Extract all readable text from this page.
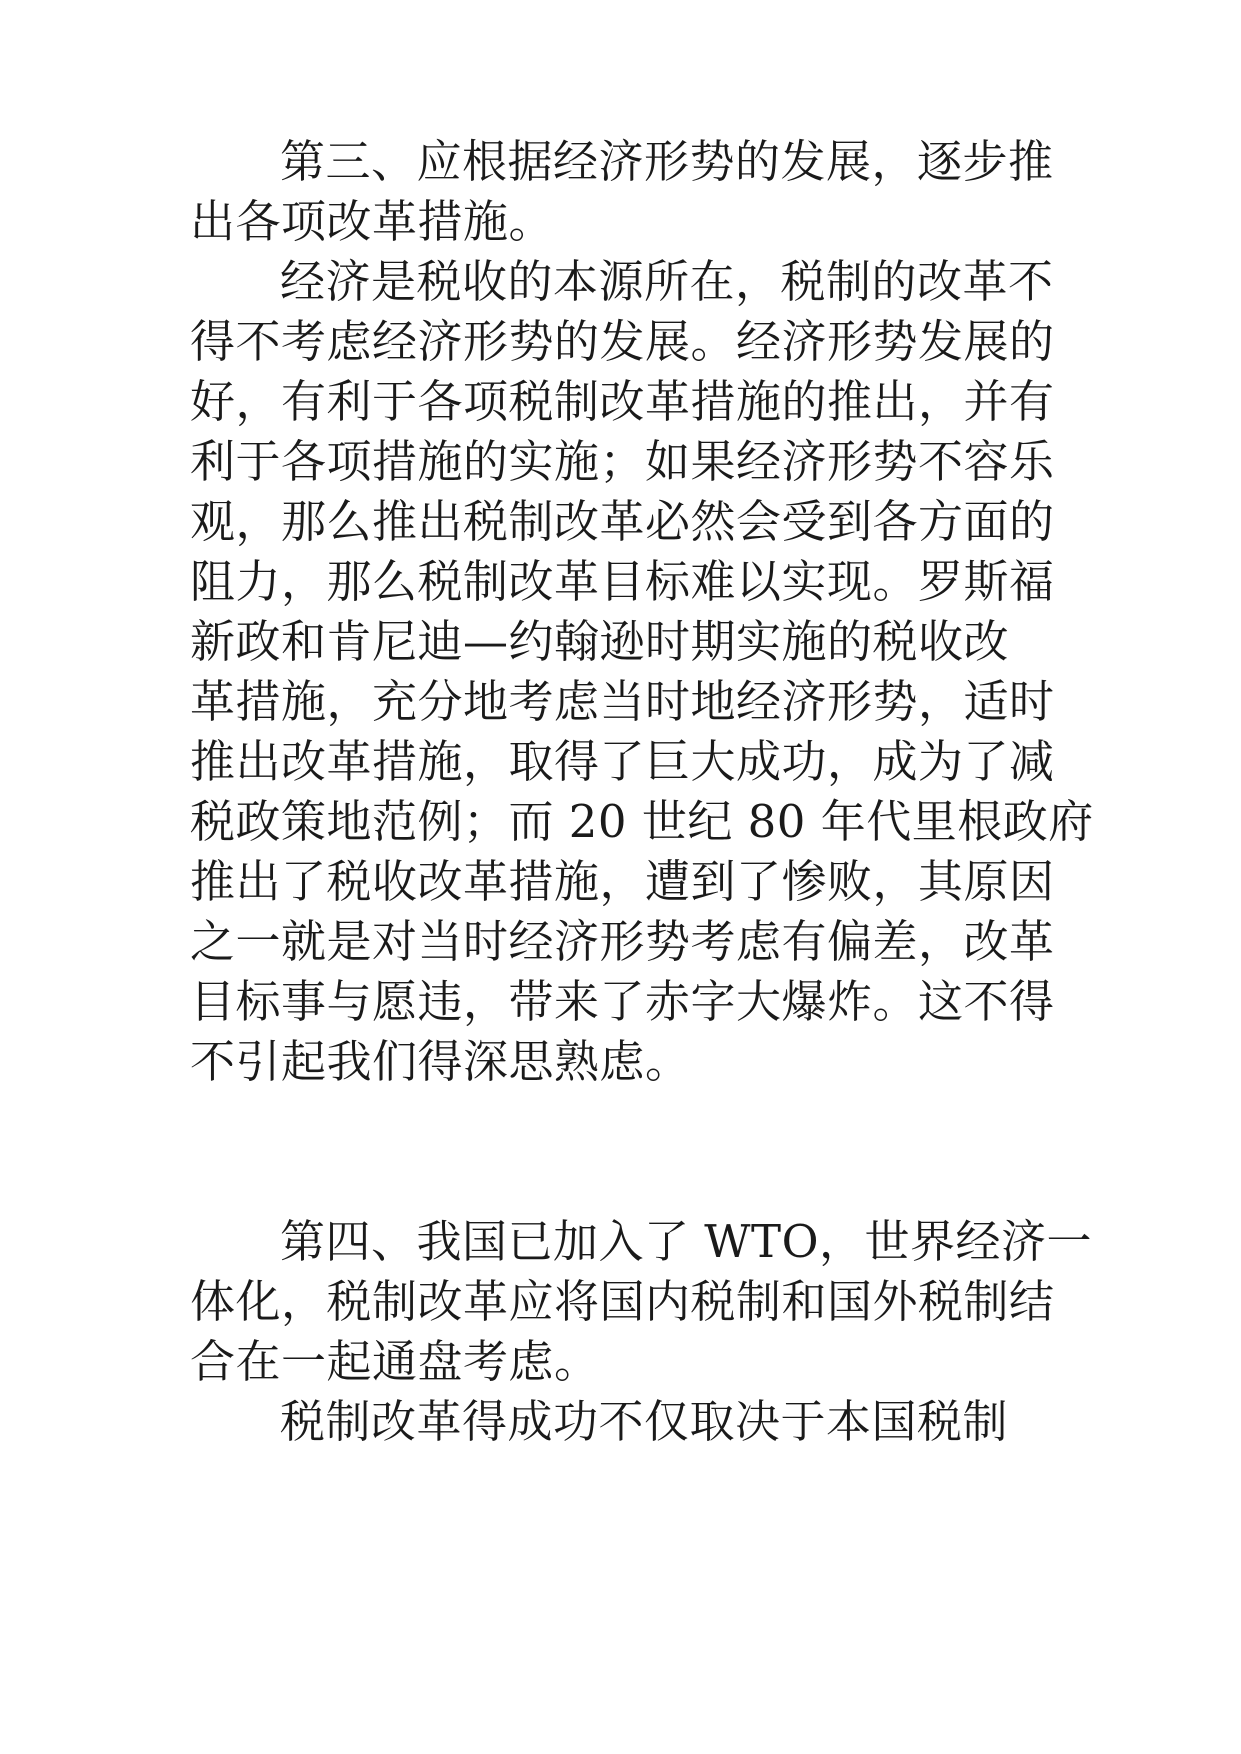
第三、应根据经济形势的发展，逐步推

出各项改革措施。

经济是税收的本源所在，税制的改革不

得不考虑经济形势的发展。经济形势发展的

好，有利于各项税制改革措施的推出，并有

利于各项措施的实施；如果经济形势不容乐

观，那么推出税制改革必然会受到各方面的

阻力，那么税制改革目标难以实现。罗斯福

新政和肯尼迪—约翰逊时期实施的税收改

革措施，充分地考虑当时地经济形势，适时

推出改革措施，取得了巨大成功，成为了减

税政策地范例；而 20 世纪 80 年代里根政府

推出了税收改革措施，遭到了惨败，其原因

之一就是对当时经济形势考虑有偏差，改革

目标事与愿违，带来了赤字大爆炸。这不得

不引起我们得深思熟虑。

第四、我国已加入了 WTO，世界经济一

体化，税制改革应将国内税制和国外税制结

合在一起通盘考虑。

税制改革得成功不仅取决于本国税制
